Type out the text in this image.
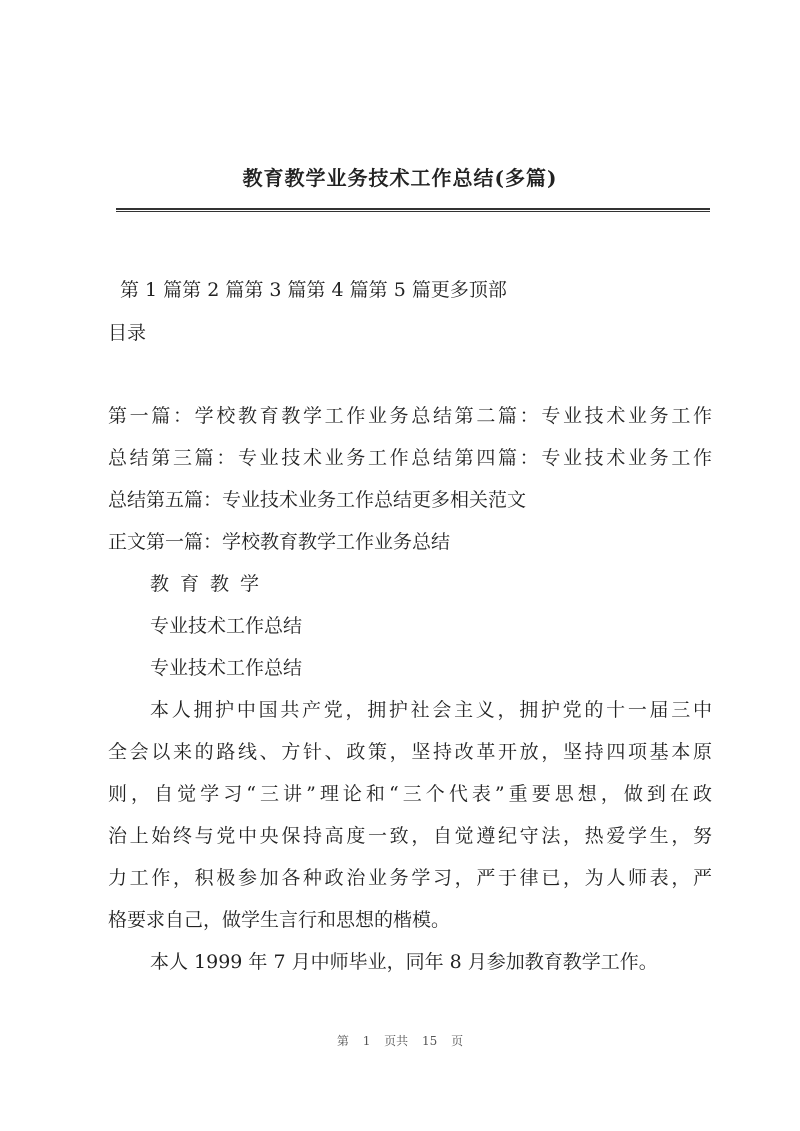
教育教学业务技术工作总结(多篇)
第 1 篇第 2 篇第 3 篇第 4 篇第 5 篇更多顶部
目录
第一篇：学校教育教学工作业务总结第二篇：专业技术业务工作
总结第三篇：专业技术业务工作总结第四篇：专业技术业务工作
总结第五篇：专业技术业务工作总结更多相关范文
正文第一篇：学校教育教学工作业务总结
教育教学
专业技术工作总结
专业技术工作总结
本人拥护中国共产党，拥护社会主义，拥护党的十一届三中
全会以来的路线、方针、政策，坚持改革开放，坚持四项基本原
则，自觉学习“三讲”理论和“三个代表”重要思想，做到在政
治上始终与党中央保持高度一致，自觉遵纪守法，热爱学生，努
力工作，积极参加各种政治业务学习，严于律已，为人师表，严
格要求自己，做学生言行和思想的楷模。
本人 1999 年 7 月中师毕业，同年 8 月参加教育教学工作。
第 1 页共 15 页
